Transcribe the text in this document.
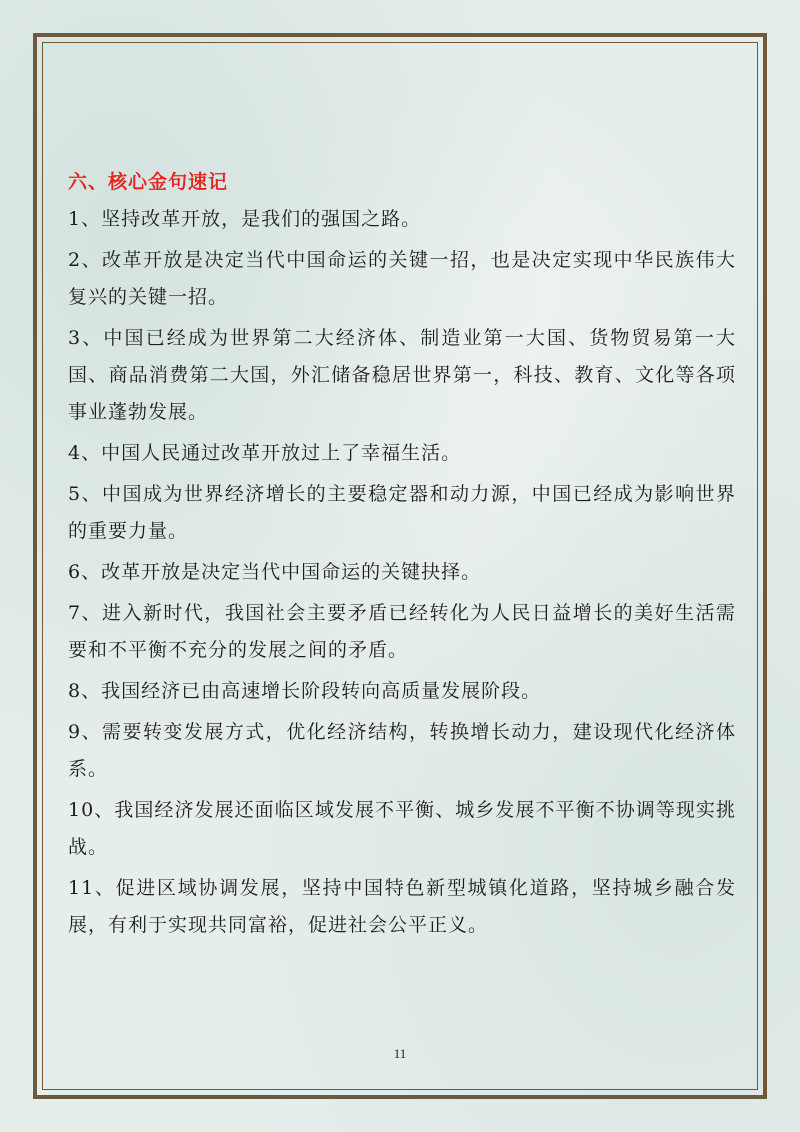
六、核心金句速记

1、坚持改革开放，是我们的强国之路。

2、改革开放是决定当代中国命运的关键一招，也是决定实现中华民族伟大复兴的关键一招。

3、中国已经成为世界第二大经济体、制造业第一大国、货物贸易第一大国、商品消费第二大国，外汇储备稳居世界第一，科技、教育、文化等各项事业蓬勃发展。

4、中国人民通过改革开放过上了幸福生活。

5、中国成为世界经济增长的主要稳定器和动力源，中国已经成为影响世界的重要力量。

6、改革开放是决定当代中国命运的关键抉择。

7、进入新时代，我国社会主要矛盾已经转化为人民日益增长的美好生活需要和不平衡不充分的发展之间的矛盾。

8、我国经济已由高速增长阶段转向高质量发展阶段。

9、需要转变发展方式，优化经济结构，转换增长动力，建设现代化经济体系。

10、我国经济发展还面临区域发展不平衡、城乡发展不平衡不协调等现实挑战。

11、促进区域协调发展，坚持中国特色新型城镇化道路，坚持城乡融合发展，有利于实现共同富裕，促进社会公平正义。

11
